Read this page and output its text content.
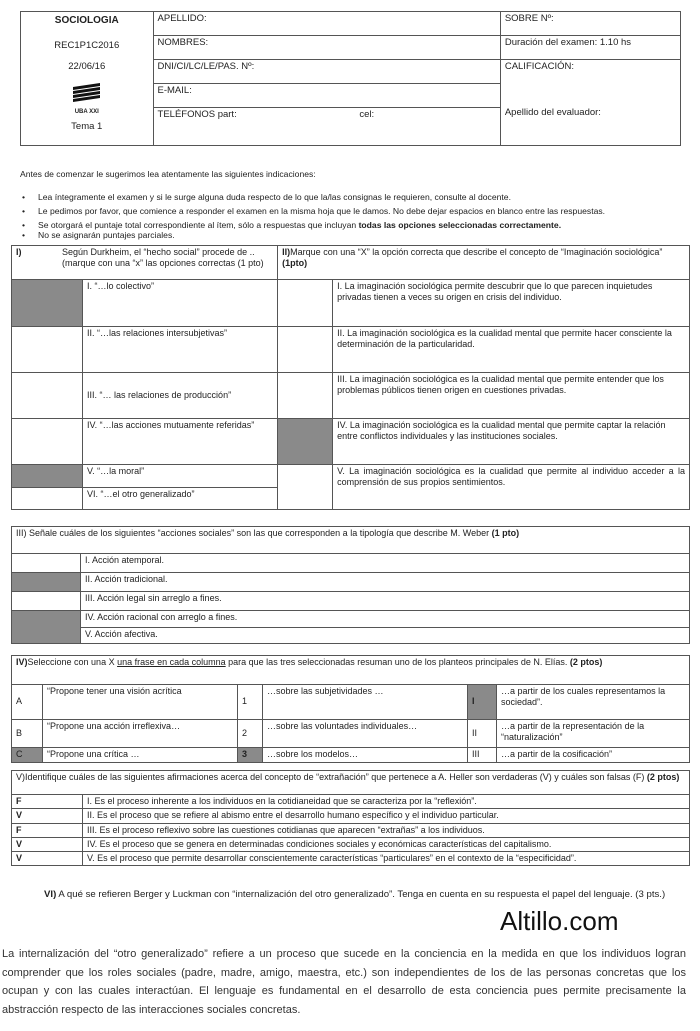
SOCIOLOGIA
REC1P1C2016
22/06/16
UBA XXI
Tema 1	APELLIDO:	SOBRE Nº:
	NOMBRES:	Duración del examen: 1.10 hs
	DNI/CI/LC/LE/PAS. Nº:	CALIFICACIÓN:
Apellido del evaluador:

	E-MAIL:	
	TELÉFONOS part: cel:	
Antes de comenzar le sugerimos lea atentamente las siguientes indicaciones:
• Lea íntegramente el examen y si le surge alguna duda respecto de lo que la/las consignas le requieren, consulte al docente.
• Le pedimos por favor, que comience a responder el examen en la misma hoja que le damos. No debe dejar espacios en blanco entre las respuestas.
• Se otorgará el puntaje total correspondiente al ítem, sólo a respuestas que incluyan todas las opciones seleccionadas correctamente.
• No se asignarán puntajes parciales.
I) Según Durkheim, el “hecho social” procede de .. (marque con una “x” las opciones correctas (1 pto)		II)Marque con una “X” la opción correcta que describe el concepto de “Imaginación sociológica” (1pto)	
	I. “…lo colectivo”		I. La imaginación sociológica permite descubrir que lo que parecen inquietudes privadas tienen a veces su origen en crisis del individuo.
	II. “…las relaciones intersubjetivas”		II. La imaginación sociológica es la cualidad mental que permite hacer consciente la determinación de la particularidad.
	III. “… las relaciones de producción”		III. La imaginación sociológica es la cualidad mental que permite entender que los problemas públicos tienen origen en cuestiones privadas.
	IV. “…las acciones mutuamente referidas”		IV. La imaginación sociológica es la cualidad mental que permite captar la relación entre conflictos individuales y las instituciones sociales.
	V. “…la moral”		V. La imaginación sociológica es la cualidad que permite al individuo acceder a la comprensión de sus propios sentimientos.
	VI. “…el otro generalizado”		
III) Señale cuáles de los siguientes “acciones sociales” son las que corresponden a la tipología que describe M. Weber (1 pto)	
	I. Acción atemporal.
	II. Acción tradicional.
	III. Acción legal sin arreglo a fines.
	IV. Acción racional con arreglo a fines.
	V. Acción afectiva.
IV)Seleccione con una X una frase en cada columna para que las tres seleccionadas resuman uno de los planteos principales de N. Elías. (2 ptos)					
A	“Propone tener una visión acrítica	1	…sobre las subjetividades …	I	…a partir de los cuales representamos la sociedad”.
B	“Propone una acción irreflexiva…	2	…sobre las voluntades individuales…	II	…a partir de la representación de la “naturalización”
C	“Propone una crítica …	3	…sobre los modelos…	III	…a partir de la cosificación”
V)Identifique cuáles de las siguientes afirmaciones acerca del concepto de “extrañación” que pertenece a A. Heller son verdaderas (V) y cuáles son falsas (F) (2 ptos)	
F	I. Es el proceso inherente a los individuos en la cotidianeidad que se caracteriza por la “reflexión”.
V	II. Es el proceso que se refiere al abismo entre el desarrollo humano específico y el individuo particular.
F	III. Es el proceso reflexivo sobre las cuestiones cotidianas que aparecen “extrañas” a los individuos.
V	IV. Es el proceso que se genera en determinadas condiciones sociales y económicas características del capitalismo.
V	V. Es el proceso que permite desarrollar conscientemente características “particulares” en el contexto de la “especificidad”.
VI) A qué se refieren Berger y Luckman con “internalización del otro generalizado”. Tenga en cuenta en su respuesta el papel del lenguaje. (3 pts.)
Altillo.com
La internalización del “otro generalizado” refiere a un proceso que sucede en la conciencia en la medida en que los individuos logran comprender que los roles sociales (padre, madre, amigo, maestra, etc.) son independientes de los de las personas concretas que los ocupan y con las cuales interactúan. El lenguaje es fundamental en el desarrollo de esta conciencia pues permite precisamente la abstracción respecto de las interacciones sociales concretas.
